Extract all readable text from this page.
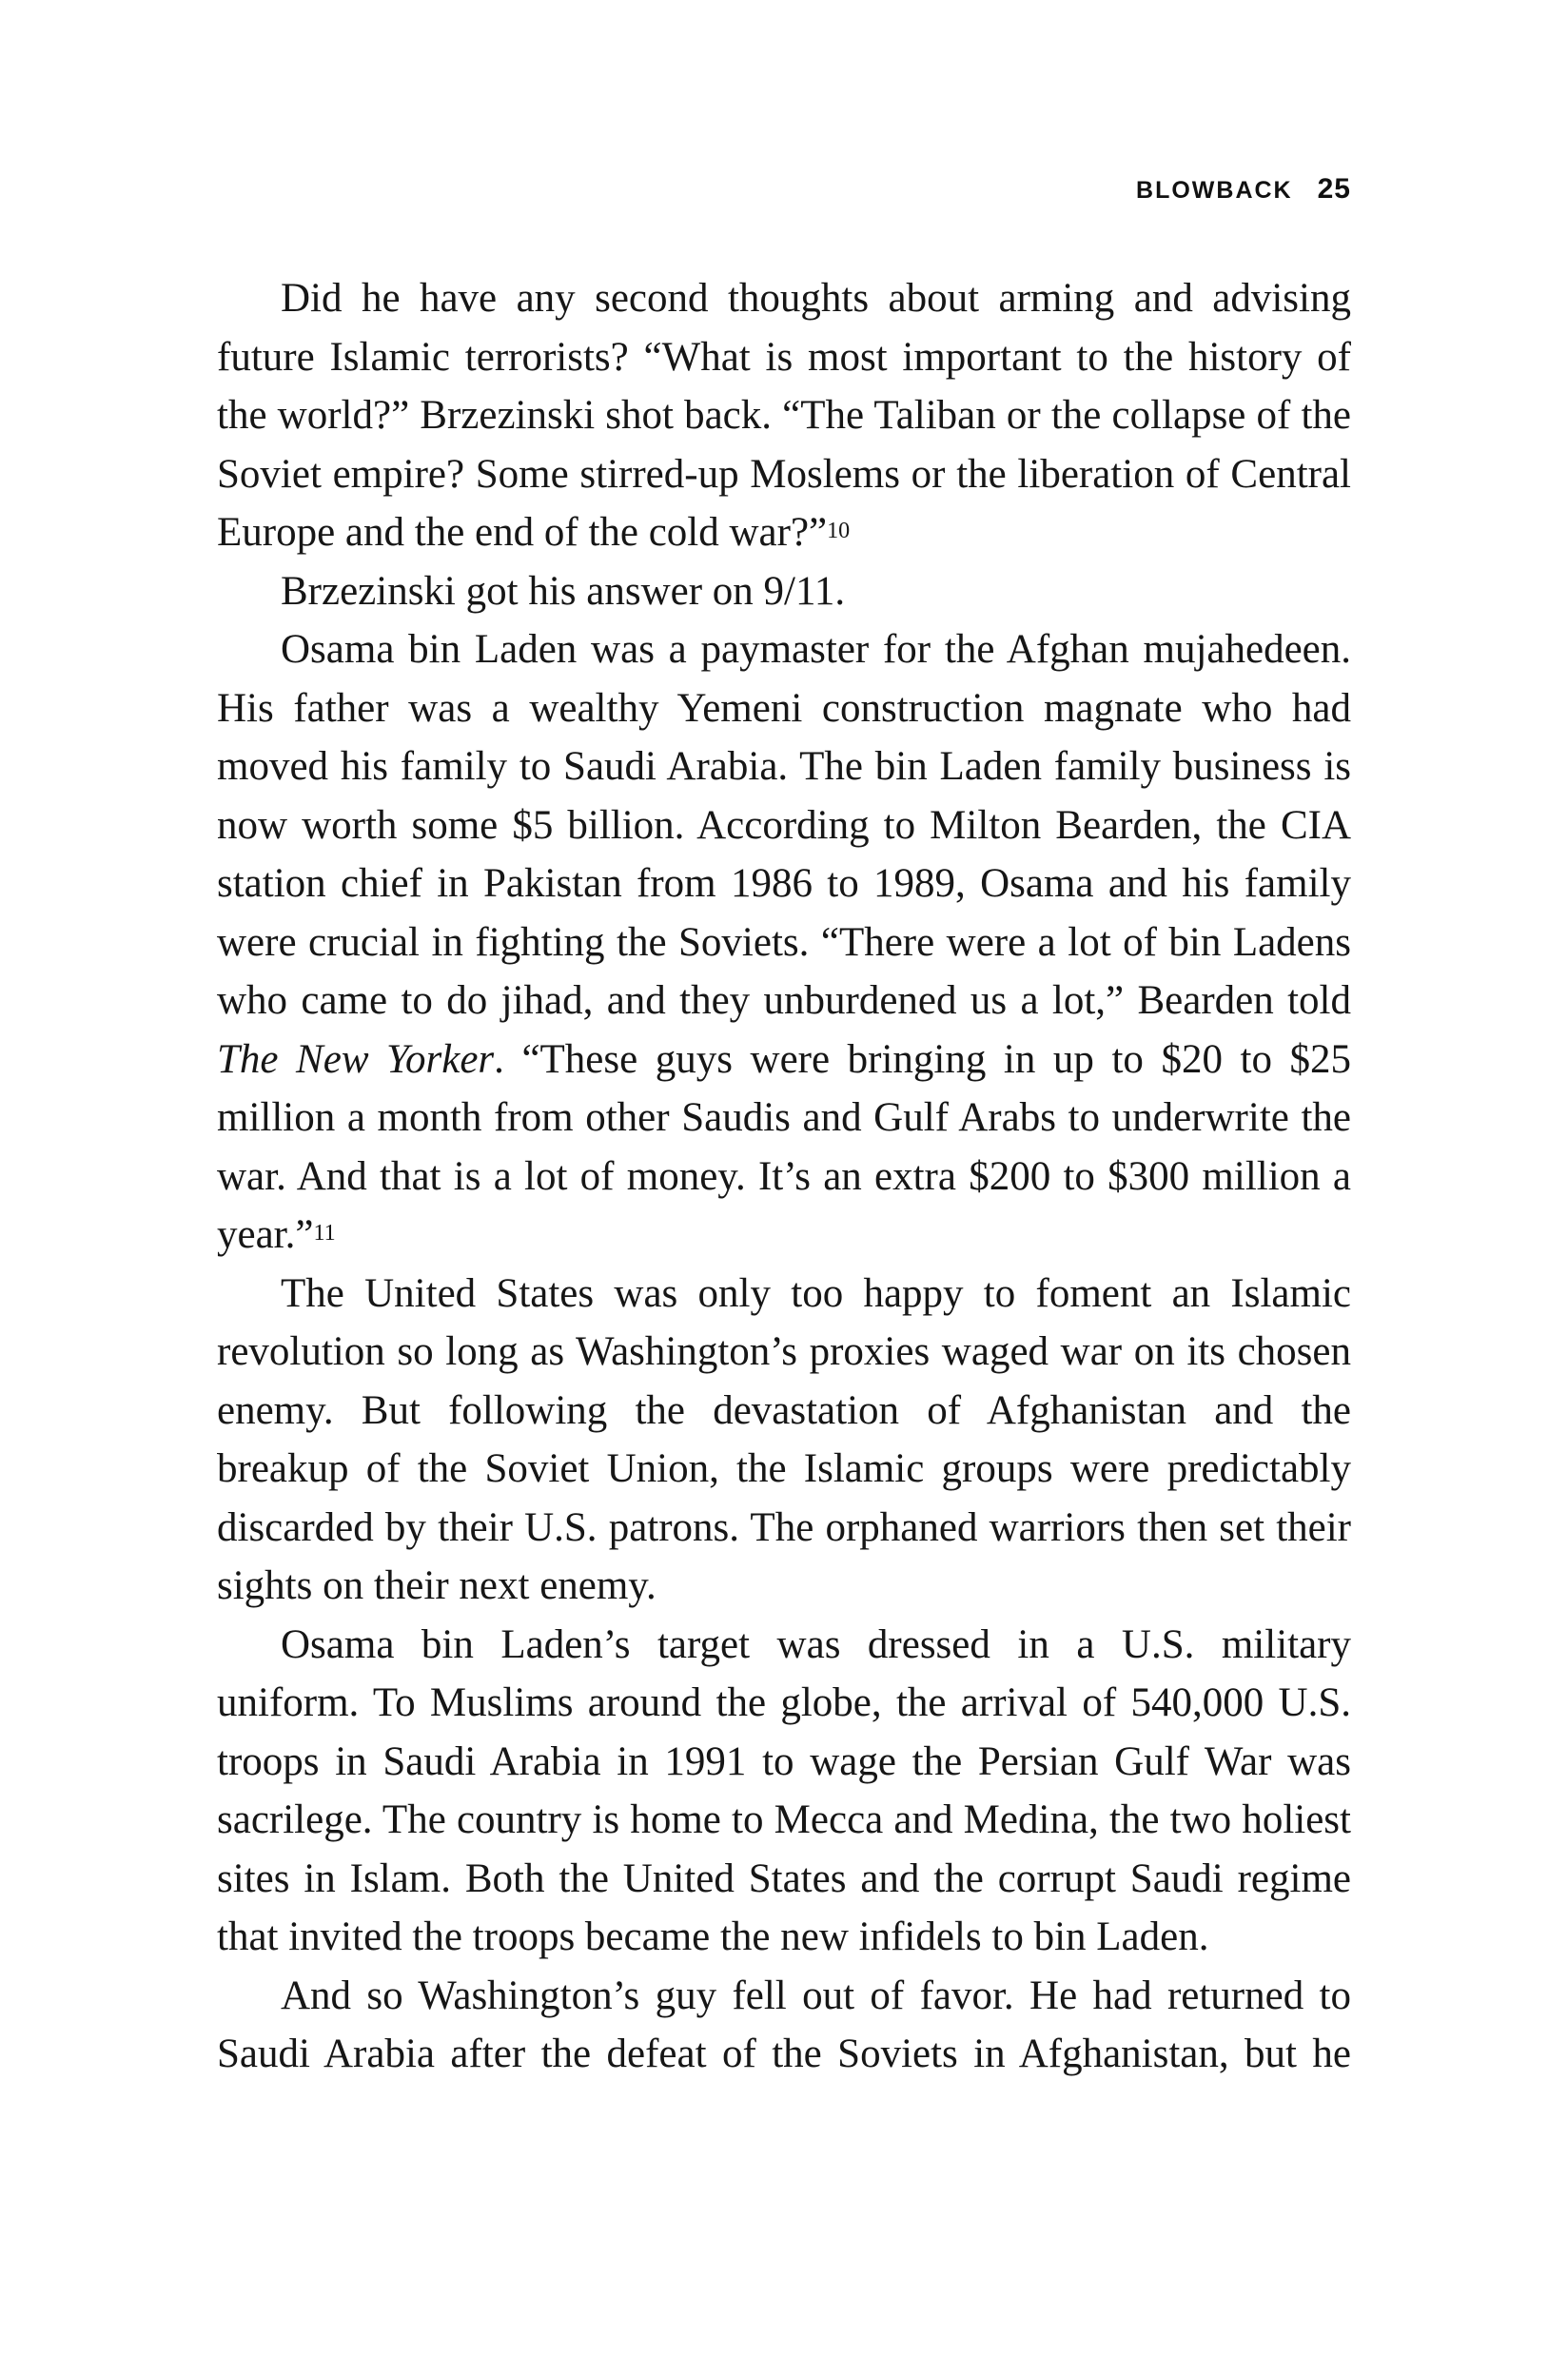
BLOWBACK 25

Did he have any second thoughts about arming and advising future Islamic terrorists? “What is most important to the history of the world?” Brzezinski shot back. “The Taliban or the collapse of the Soviet empire? Some stirred-up Moslems or the liberation of Central Europe and the end of the cold war?”$^{10}$

Brzezinski got his answer on 9/11.

Osama bin Laden was a paymaster for the Afghan mujahedeen. His father was a wealthy Yemeni construction magnate who had moved his family to Saudi Arabia. The bin Laden family business is now worth some $5 billion. According to Milton Bearden, the CIA station chief in Pakistan from 1986 to 1989, Osama and his family were crucial in fighting the Soviets. “There were a lot of bin Ladens who came to do jihad, and they unburdened us a lot,” Bearden told The New Yorker. “These guys were bringing in up to $20 to $25 million a month from other Saudis and Gulf Arabs to underwrite the war. And that is a lot of money. It’s an extra $200 to $300 million a year.”$^{11}$

The United States was only too happy to foment an Islamic revolution so long as Washington’s proxies waged war on its chosen enemy. But following the devastation of Afghanistan and the breakup of the Soviet Union, the Islamic groups were predictably discarded by their U.S. patrons. The orphaned warriors then set their sights on their next enemy.

Osama bin Laden’s target was dressed in a U.S. military uniform. To Muslims around the globe, the arrival of 540,000 U.S. troops in Saudi Arabia in 1991 to wage the Persian Gulf War was sacrilege. The country is home to Mecca and Medina, the two holiest sites in Islam. Both the United States and the corrupt Saudi regime that invited the troops became the new infidels to bin Laden.

And so Washington’s guy fell out of favor. He had returned to Saudi Arabia after the defeat of the Soviets in Afghanistan, but he
